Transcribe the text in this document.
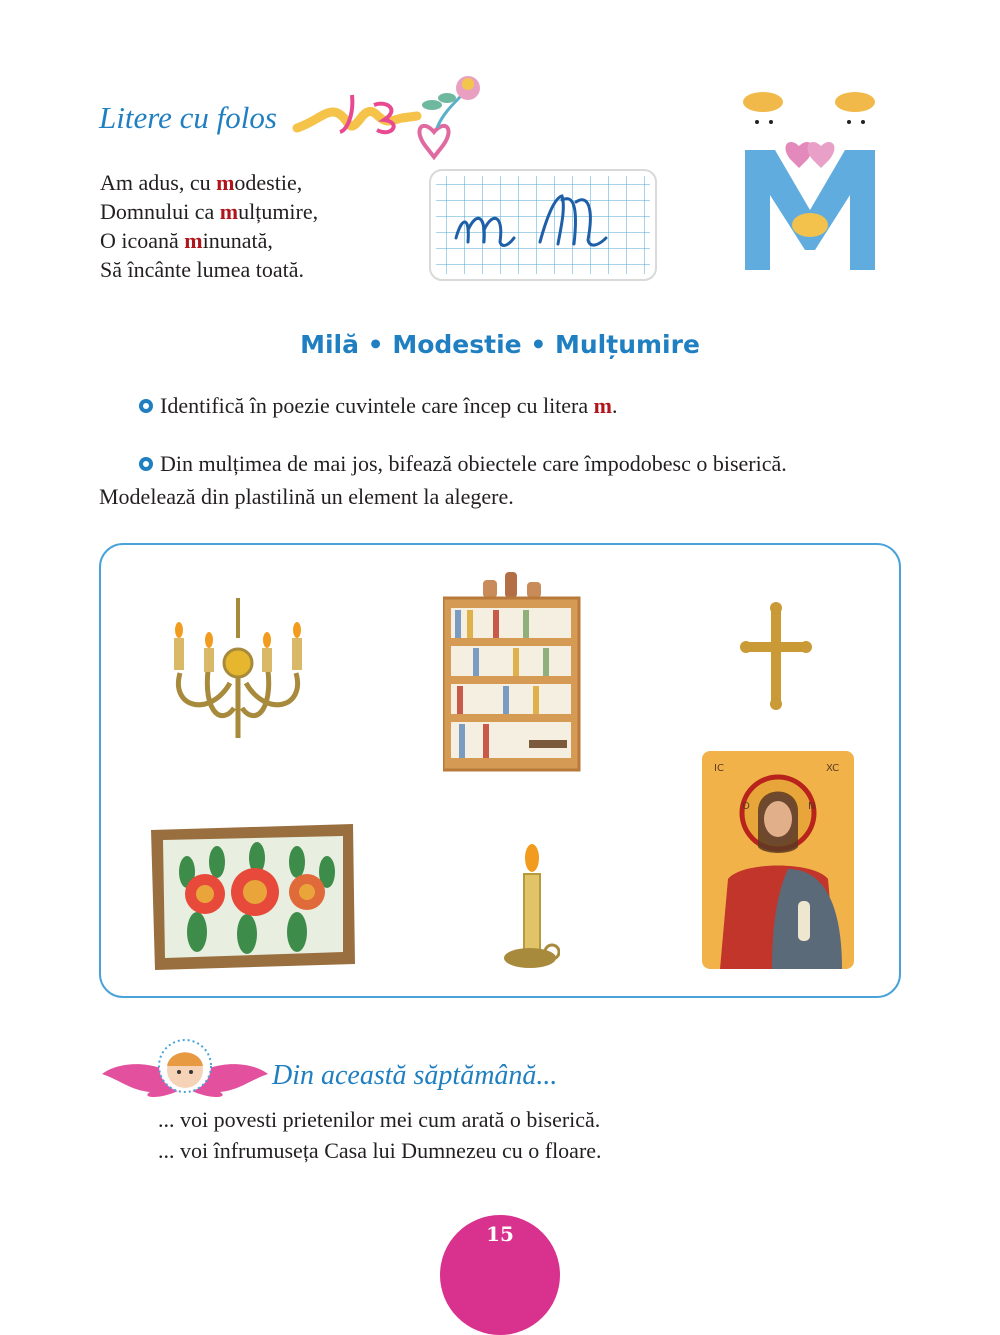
Litere cu folos
Am adus, cu modestie,
Domnului ca mulțumire,
O icoană minunată,
Să încânte lumea toată.
Milă • Modestie • Mulțumire
Identifică în poezie cuvintele care încep cu litera m.
Din mulțimea de mai jos, bifează obiectele care împodobesc o biserică.
Modelează din plastilină un element la alegere.
IC	XC
O	N
Din această săptămână...
... voi povesti prietenilor mei cum arată o biserică.
... voi înfrumuseța Casa lui Dumnezeu cu o floare.
15
